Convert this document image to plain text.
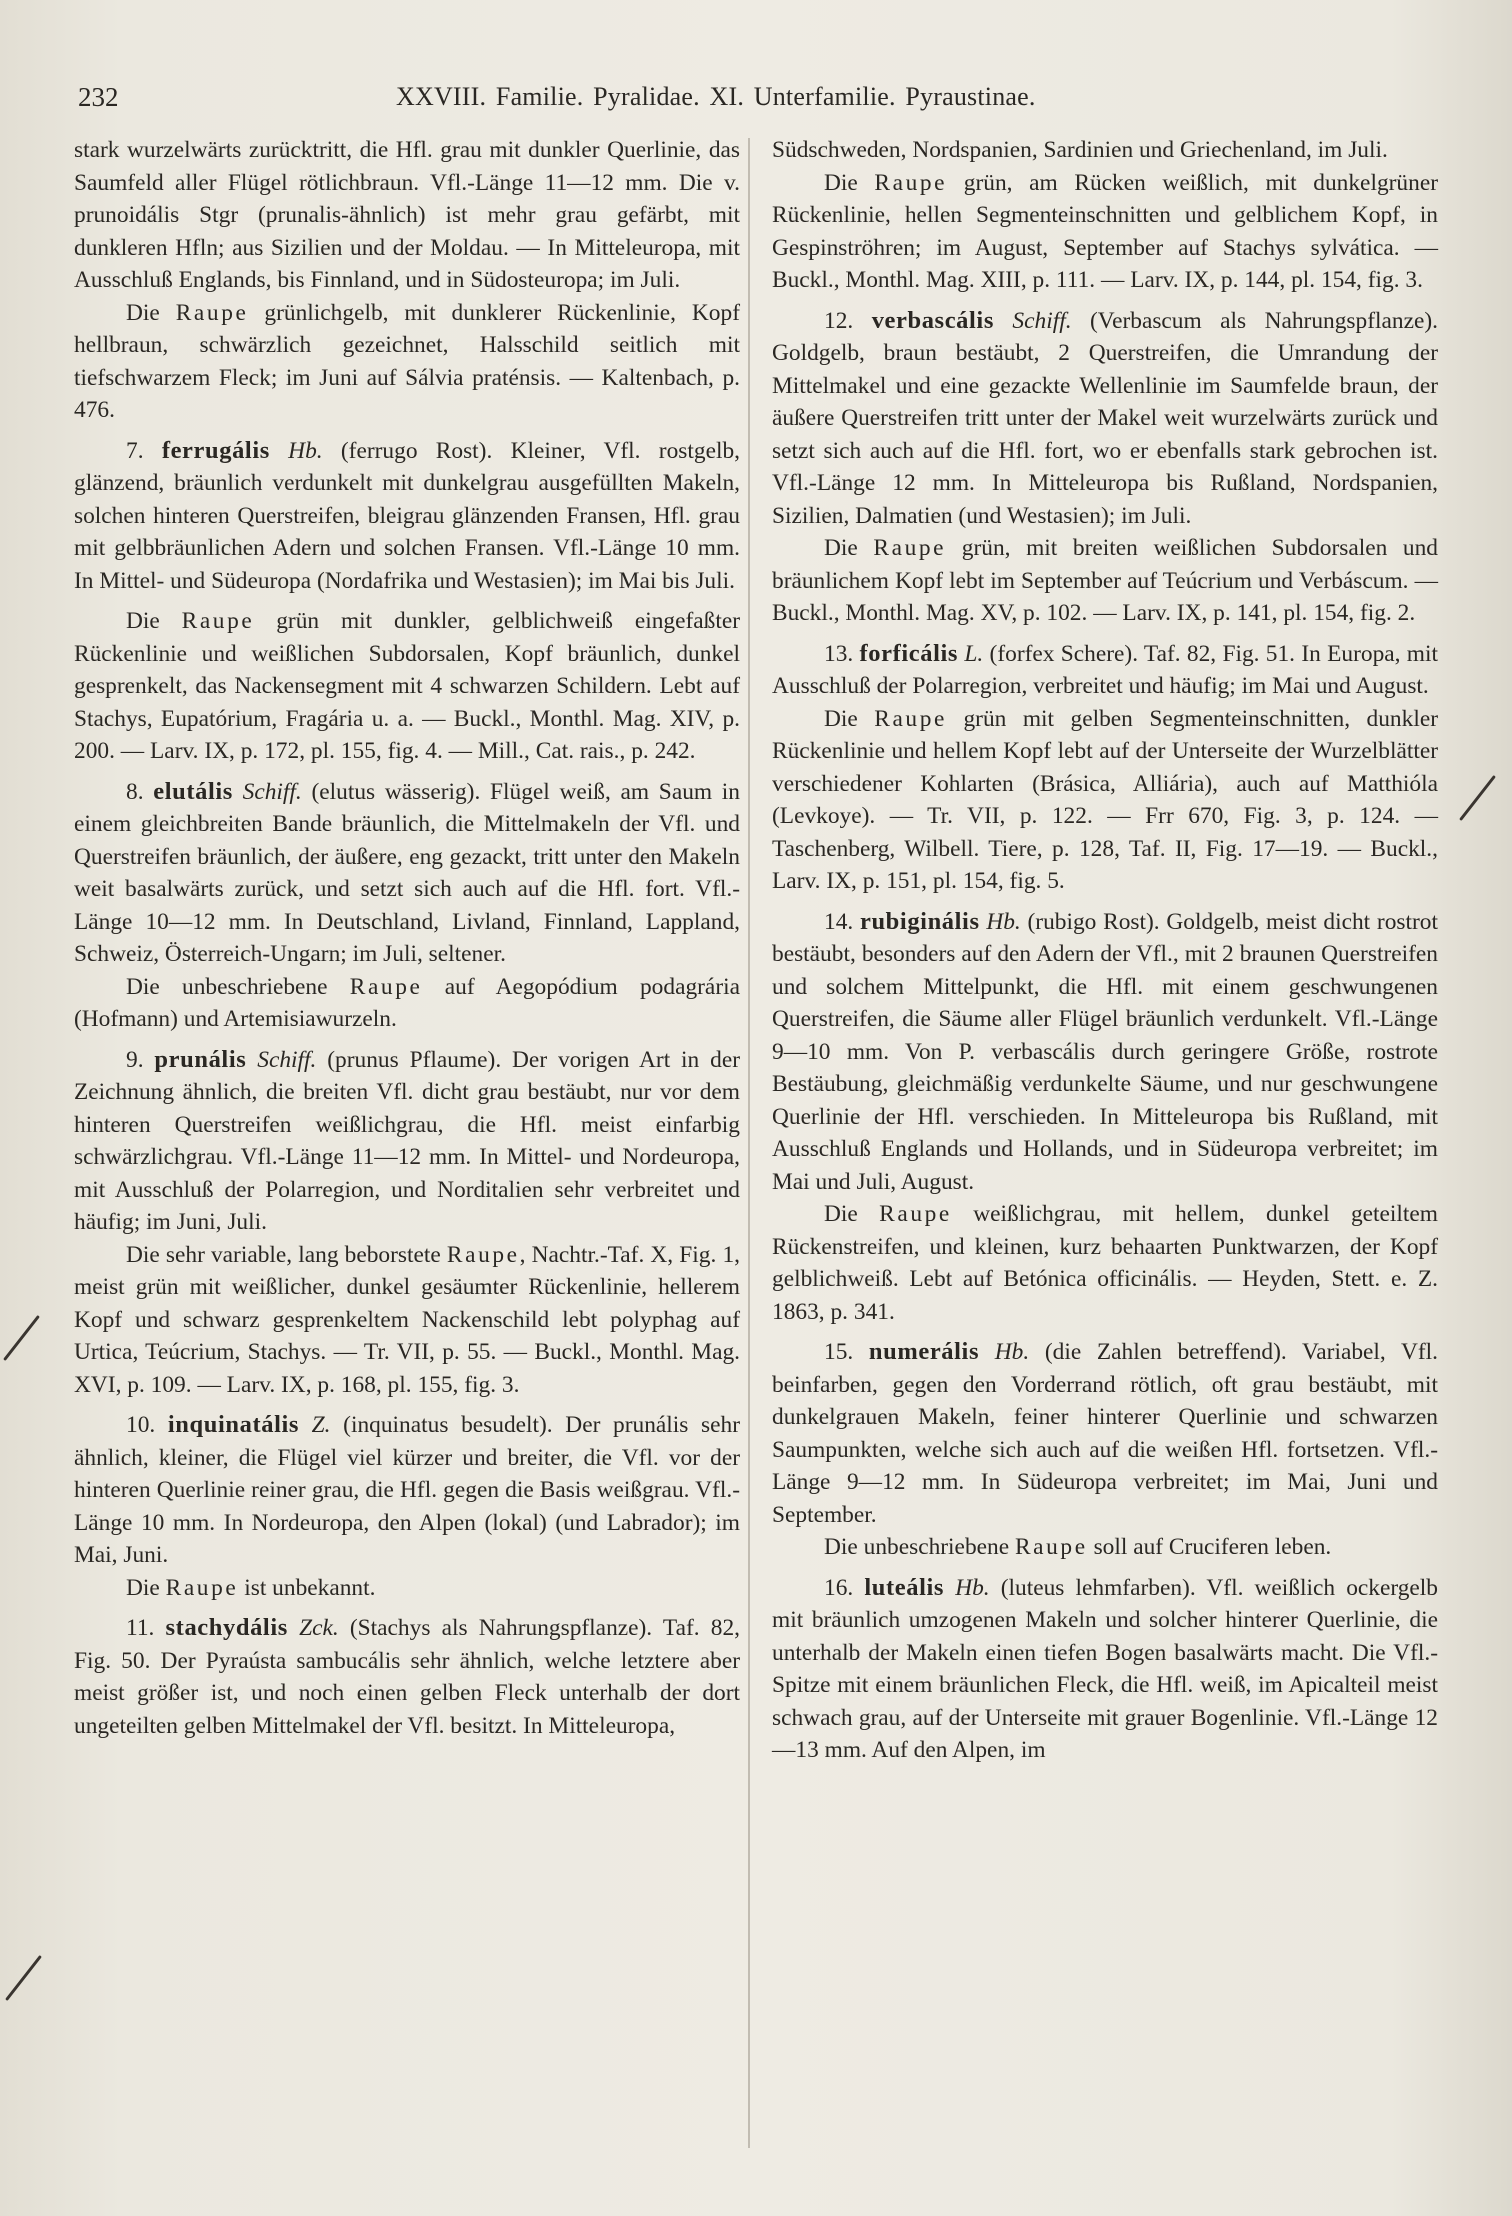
232	XXVIII. Familie. Pyralidae. XI. Unterfamilie. Pyraustinae.

stark wurzelwärts zurücktritt, die Hfl. grau mit dunkler Querlinie, das Saumfeld aller Flügel rötlichbraun. Vfl.-Länge 11—12 mm. Die v. prunoidális Stgr (prunalis-ähnlich) ist mehr grau gefärbt, mit dunkleren Hfln; aus Sizilien und der Moldau. — In Mitteleuropa, mit Ausschluß Englands, bis Finnland, und in Südosteuropa; im Juli.

Die Raupe grünlichgelb, mit dunklerer Rückenlinie, Kopf hellbraun, schwärzlich gezeichnet, Halsschild seitlich mit tiefschwarzem Fleck; im Juni auf Sálvia praténsis. — Kaltenbach, p. 476.

7. ferrugális Hb. (ferrugo Rost). Kleiner, Vfl. rostgelb, glänzend, bräunlich verdunkelt mit dunkelgrau ausgefüllten Makeln, solchen hinteren Querstreifen, bleigrau glänzenden Fransen, Hfl. grau mit gelbbräunlichen Adern und solchen Fransen. Vfl.-Länge 10 mm. In Mittel- und Südeuropa (Nordafrika und Westasien); im Mai bis Juli.

Die Raupe grün mit dunkler, gelblichweiß eingefaßter Rückenlinie und weißlichen Subdorsalen, Kopf bräunlich, dunkel gesprenkelt, das Nackensegment mit 4 schwarzen Schildern. Lebt auf Stachys, Eupatórium, Fragária u. a. — Buckl., Monthl. Mag. XIV, p. 200. — Larv. IX, p. 172, pl. 155, fig. 4. — Mill., Cat. rais., p. 242.

8. elutális Schiff. (elutus wässerig). Flügel weiß, am Saum in einem gleichbreiten Bande bräunlich, die Mittelmakeln der Vfl. und Querstreifen bräunlich, der äußere, eng gezackt, tritt unter den Makeln weit basalwärts zurück, und setzt sich auch auf die Hfl. fort. Vfl.-Länge 10—12 mm. In Deutschland, Livland, Finnland, Lappland, Schweiz, Österreich-Ungarn; im Juli, seltener.

Die unbeschriebene Raupe auf Aegopódium podagrária (Hofmann) und Artemisiawurzeln.

9. prunális Schiff. (prunus Pflaume). Der vorigen Art in der Zeichnung ähnlich, die breiten Vfl. dicht grau bestäubt, nur vor dem hinteren Querstreifen weißlichgrau, die Hfl. meist einfarbig schwärzlichgrau. Vfl.-Länge 11—12 mm. In Mittel- und Nordeuropa, mit Ausschluß der Polarregion, und Norditalien sehr verbreitet und häufig; im Juni, Juli.

Die sehr variable, lang beborstete Raupe, Nachtr.-Taf. X, Fig. 1, meist grün mit weißlicher, dunkel gesäumter Rückenlinie, hellerem Kopf und schwarz gesprenkeltem Nackenschild lebt polyphag auf Urtica, Teúcrium, Stachys. — Tr. VII, p. 55. — Buckl., Monthl. Mag. XVI, p. 109. — Larv. IX, p. 168, pl. 155, fig. 3.

10. inquinatális Z. (inquinatus besudelt). Der prunális sehr ähnlich, kleiner, die Flügel viel kürzer und breiter, die Vfl. vor der hinteren Querlinie reiner grau, die Hfl. gegen die Basis weißgrau. Vfl.-Länge 10 mm. In Nordeuropa, den Alpen (lokal) (und Labrador); im Mai, Juni.

Die Raupe ist unbekannt.

11. stachydális Zck. (Stachys als Nahrungspflanze). Taf. 82, Fig. 50. Der Pyraústa sambucális sehr ähnlich, welche letztere aber meist größer ist, und noch einen gelben Fleck unterhalb der dort ungeteilten gelben Mittelmakel der Vfl. besitzt. In Mitteleuropa,

Südschweden, Nordspanien, Sardinien und Griechenland, im Juli.

Die Raupe grün, am Rücken weißlich, mit dunkelgrüner Rückenlinie, hellen Segmenteinschnitten und gelblichem Kopf, in Gespinströhren; im August, September auf Stachys sylvática. — Buckl., Monthl. Mag. XIII, p. 111. — Larv. IX, p. 144, pl. 154, fig. 3.

12. verbascális Schiff. (Verbascum als Nahrungspflanze). Goldgelb, braun bestäubt, 2 Querstreifen, die Umrandung der Mittelmakel und eine gezackte Wellenlinie im Saumfelde braun, der äußere Querstreifen tritt unter der Makel weit wurzelwärts zurück und setzt sich auch auf die Hfl. fort, wo er ebenfalls stark gebrochen ist. Vfl.-Länge 12 mm. In Mitteleuropa bis Rußland, Nordspanien, Sizilien, Dalmatien (und Westasien); im Juli.

Die Raupe grün, mit breiten weißlichen Subdorsalen und bräunlichem Kopf lebt im September auf Teúcrium und Verbáscum. — Buckl., Monthl. Mag. XV, p. 102. — Larv. IX, p. 141, pl. 154, fig. 2.

13. forficális L. (forfex Schere). Taf. 82, Fig. 51. In Europa, mit Ausschluß der Polarregion, verbreitet und häufig; im Mai und August.

Die Raupe grün mit gelben Segmenteinschnitten, dunkler Rückenlinie und hellem Kopf lebt auf der Unterseite der Wurzelblätter verschiedener Kohlarten (Brásica, Alliária), auch auf Matthióla (Levkoye). — Tr. VII, p. 122. — Frr 670, Fig. 3, p. 124. — Taschenberg, Wilbell. Tiere, p. 128, Taf. II, Fig. 17—19. — Buckl., Larv. IX, p. 151, pl. 154, fig. 5.

14. rubiginális Hb. (rubigo Rost). Goldgelb, meist dicht rostrot bestäubt, besonders auf den Adern der Vfl., mit 2 braunen Querstreifen und solchem Mittelpunkt, die Hfl. mit einem geschwungenen Querstreifen, die Säume aller Flügel bräunlich verdunkelt. Vfl.-Länge 9—10 mm. Von P. verbascális durch geringere Größe, rostrote Bestäubung, gleichmäßig verdunkelte Säume, und nur geschwungene Querlinie der Hfl. verschieden. In Mitteleuropa bis Rußland, mit Ausschluß Englands und Hollands, und in Südeuropa verbreitet; im Mai und Juli, August.

Die Raupe weißlichgrau, mit hellem, dunkel geteiltem Rückenstreifen, und kleinen, kurz behaarten Punktwarzen, der Kopf gelblichweiß. Lebt auf Betónica officinális. — Heyden, Stett. e. Z. 1863, p. 341.

15. numerális Hb. (die Zahlen betreffend). Variabel, Vfl. beinfarben, gegen den Vorderrand rötlich, oft grau bestäubt, mit dunkelgrauen Makeln, feiner hinterer Querlinie und schwarzen Saumpunkten, welche sich auch auf die weißen Hfl. fortsetzen. Vfl.-Länge 9—12 mm. In Südeuropa verbreitet; im Mai, Juni und September.

Die unbeschriebene Raupe soll auf Cruciferen leben.

16. luteális Hb. (luteus lehmfarben). Vfl. weißlich ockergelb mit bräunlich umzogenen Makeln und solcher hinterer Querlinie, die unterhalb der Makeln einen tiefen Bogen basalwärts macht. Die Vfl.-Spitze mit einem bräunlichen Fleck, die Hfl. weiß, im Apicalteil meist schwach grau, auf der Unterseite mit grauer Bogenlinie. Vfl.-Länge 12—13 mm. Auf den Alpen, im
